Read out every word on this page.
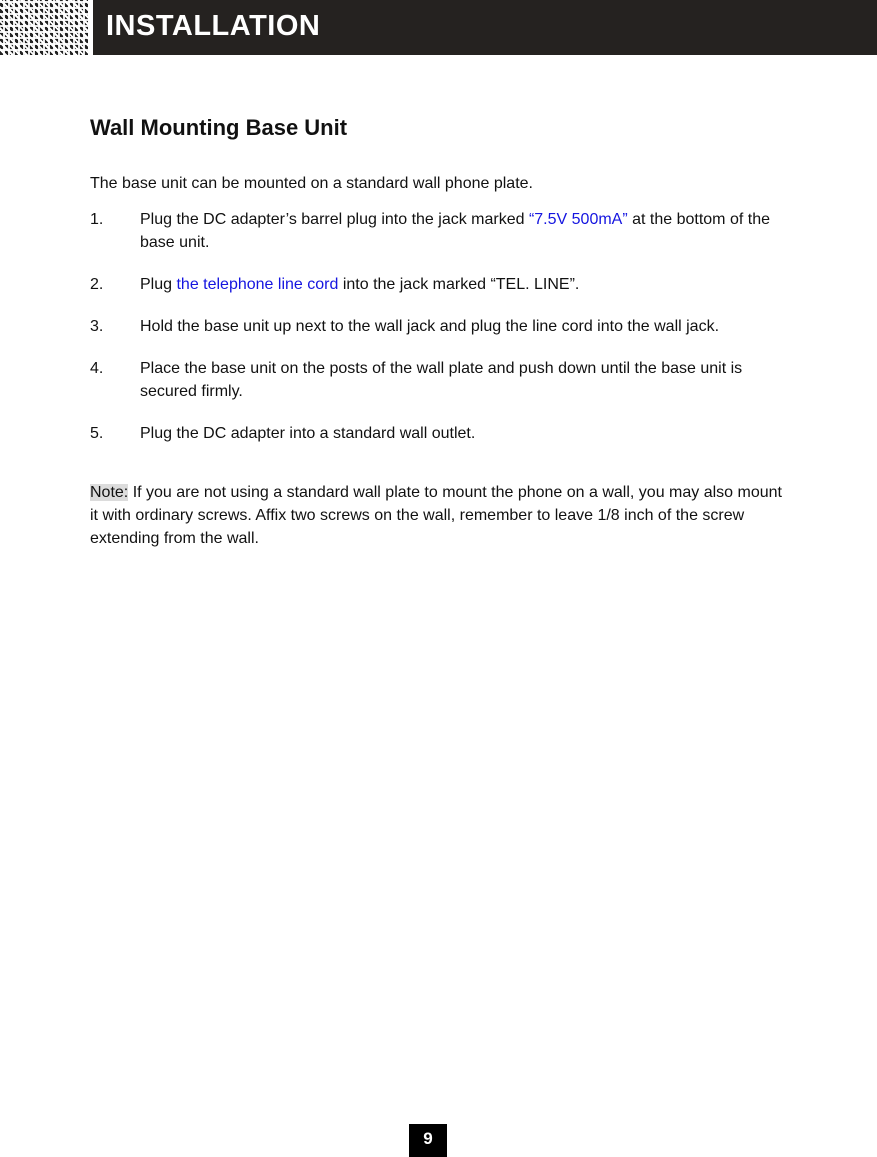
INSTALLATION
Wall Mounting Base Unit

The base unit can be mounted on a standard wall phone plate.

1. Plug the DC adapter’s barrel plug into the jack marked “7.5V 500mA” at the bottom of the base unit.
2. Plug the telephone line cord into the jack marked “TEL. LINE”.
3. Hold the base unit up next to the wall jack and plug the line cord into the wall jack.
4. Place the base unit on the posts of the wall plate and push down until the base unit is secured firmly.
5. Plug the DC adapter into a standard wall outlet.

Note: If you are not using a standard wall plate to mount the phone on a wall, you may also mount it with ordinary screws. Affix two screws on the wall, remember to leave 1/8 inch of the screw extending from the wall.

9
